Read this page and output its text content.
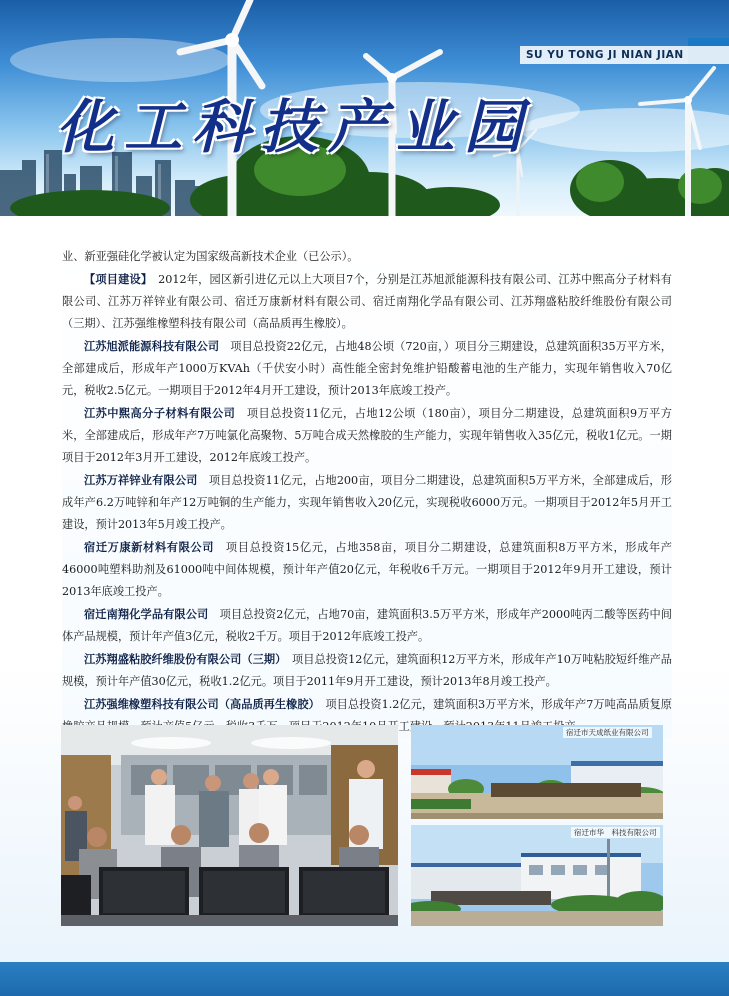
SU YU TONG JI NIAN JIAN
化工科技产业园

业、新亚强硅化学被认定为国家级高新技术企业（已公示）。

【项目建设】　 2012年，园区新引进亿元以上大项目7个，分别是江苏旭派能源科技有限公司、江苏中煕高分子材料有限公司、江苏万祥锌业有限公司、宿迁万康新材料有限公司、宿迁南翔化学品有限公司、江苏翔盛粘胶纤维股份有限公司（三期）、江苏强维橡塑科技有限公司（高品质再生橡胶）。

江苏旭派能源科技有限公司　 项目总投资22亿元，占地48公顷（720亩，）项目分三期建设，总建筑面积35万平方米，全部建成后，形成年产1000万KVAh（千伏安小时）高性能全密封免维护铅酸蓄电池的生产能力，实现年销售收入70亿元，税收2.5亿元。一期项目于2012年4月开工建设，预计2013年底竣工投产。

江苏中煕高分子材料有限公司　 项目总投资11亿元，占地12公顷（180亩），项目分二期建设，总建筑面积9万平方米，全部建成后，形成年产7万吨氯化高聚物、5万吨合成天然橡胶的生产能力，实现年销售收入35亿元，税收1亿元。一期项目于2012年3月开工建设，2012年底竣工投产。

江苏万祥锌业有限公司　 项目总投资11亿元，占地200亩，项目分二期建设，总建筑面积5万平方米，全部建成后，形成年产6.2万吨锌和年产12万吨铜的生产能力，实现年销售收入20亿元，实现税收6000万元。一期项目于2012年5月开工建设，预计2013年5月竣工投产。

宿迁万康新材料有限公司　 项目总投资15亿元，占地358亩，项目分二期建设，总建筑面积8万平方米，形成年产46000吨塑料助剂及61000吨中间体规模，预计年产值20亿元，年税收6千万元。一期项目于2012年9月开工建设，预计2013年底竣工投产。

宿迁南翔化学品有限公司　 项目总投资2亿元，占地70亩，建筑面积3.5万平方米，形成年产2000吨丙二酸等医药中间体产品规模，预计年产值3亿元，税收2千万。项目于2012年底竣工投产。

江苏翔盛粘胶纤维股份有限公司（三期）　 项目总投资12亿元，建筑面积12万平方米，形成年产10万吨粘胶短纤维产品规模，预计年产值30亿元，税收1.2亿元。项目于2011年9月开工建设，预计2013年8月竣工投产。

江苏强维橡塑科技有限公司（高品质再生橡胶）　 项目总投资1.2亿元，建筑面积3万平方米，形成年产7万吨高品质复原 开工建	宿迁市天成纸业有限公司
宿迁市华　科技有限公司
